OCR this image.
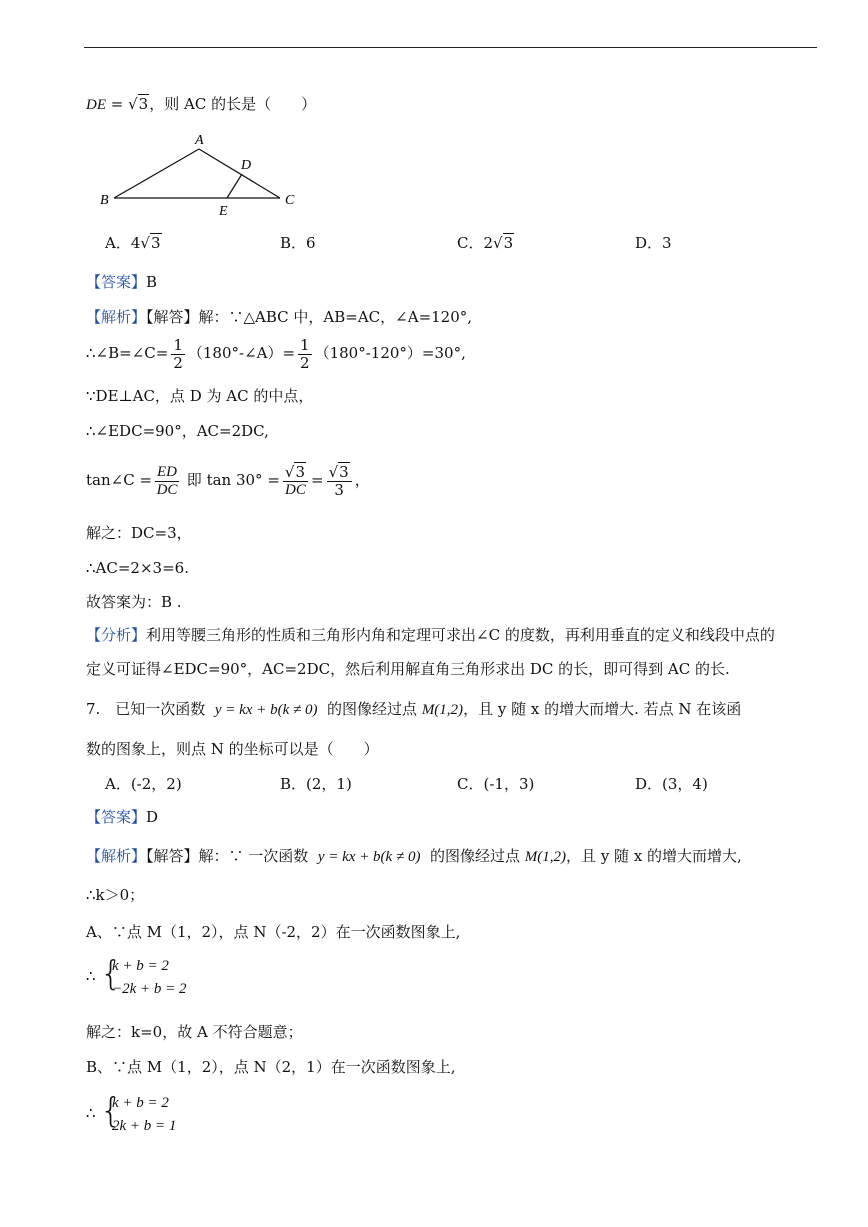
DE = √3，则 AC 的长是（　　）
A
B	C
D
E
A．4√3	B．6	C．2√3	D．3
【答案】B
【解析】【解答】解：∵△ABC 中，AB=AC，∠A=120°,
∴∠B=∠C= $\frac{1}{2}$ （180°-∠A）= $\frac{1}{2} (180^\circ-120^\circ)=30^\circ$,
∵DE⊥AC，点 D 为 AC 的中点，
∴∠EDC=90°，AC=2DC,
tan∠C = $\frac{ED}{DC}$ 即 $\tan 30^\circ = \frac{√3}{DC} = \frac{√3}{3}$ ，
解之：DC=3，
∴AC=2×3=6.
故答案为：B .
【分析】利用等腰三角形的性质和三角形内角和定理可求出∠C 的度数，再利用垂直的定义和线段中点的
定义可证得∠EDC=90°，AC=2DC，然后利用解直角三角形求出 DC 的长，即可得到 AC 的长.
7.　已知一次函数 y = kx + b(k ≠ 0) 的图像经过点 M(1,2)，且 y 随 x 的增大而增大. 若点 N 在该函
数的图象上，则点 N 的坐标可以是（　　）
A．(-2，2)	B．(2，1)	C．(-1，3)	D．(3，4)
【答案】D
【解析】【解答】解：∵ 一次函数 y = kx + b(k ≠ 0) 的图像经过点 M(1,2)，且 y 随 x 的增大而增大,
∴k＞0；
A、∵点 M（1，2），点 N（-2，2）在一次函数图象上,
∴ {
k + b = 2
−2k + b = 2
解之：k=0，故 A 不符合题意；
B、∵点 M（1，2），点 N（2，1）在一次函数图象上,
∴ {
k + b = 2
2k + b = 1
